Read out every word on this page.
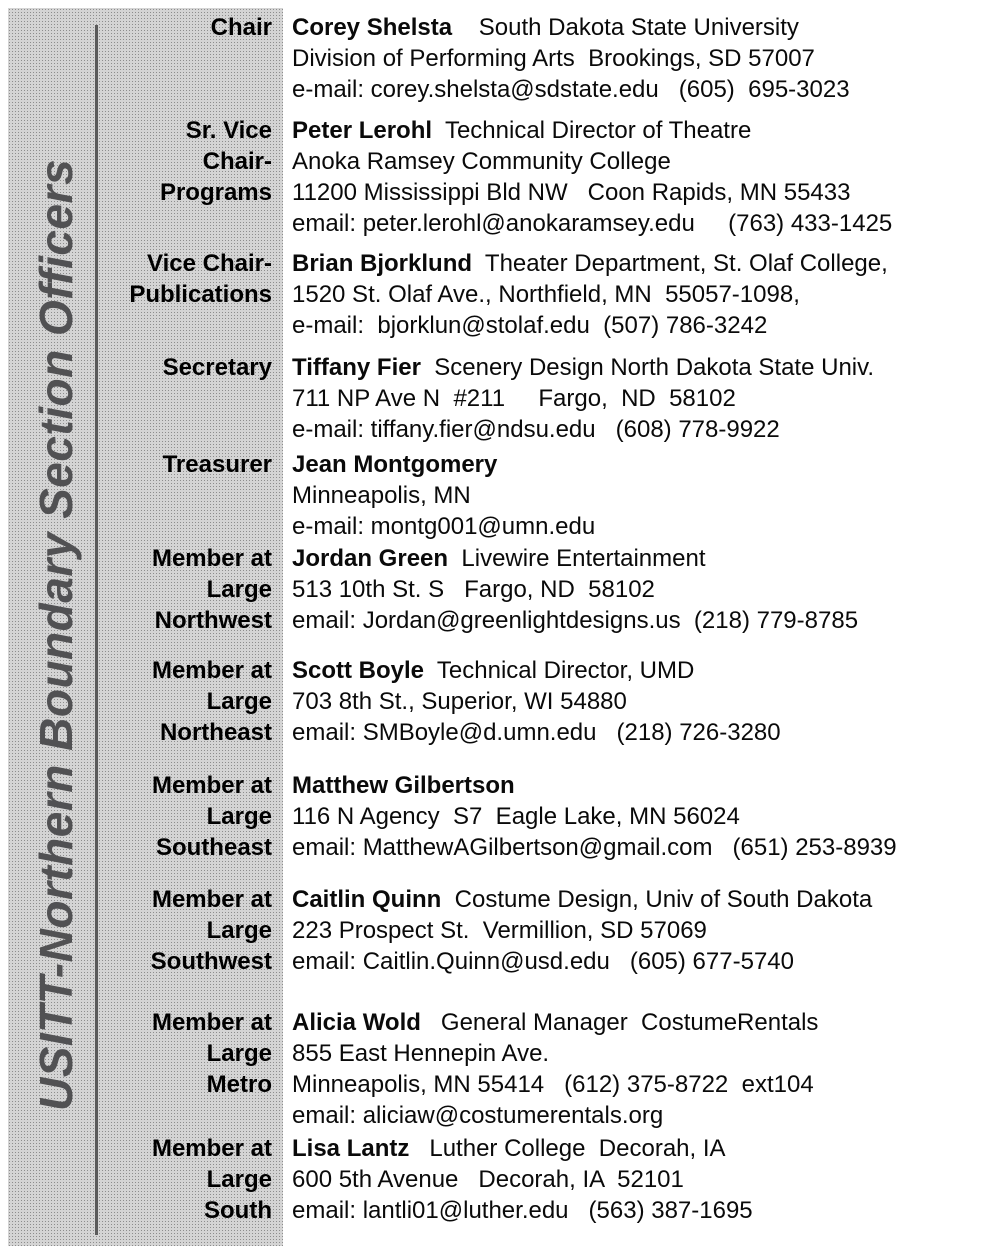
USITT-Northern Boundary Section Officers
Chair Corey Shelsta    South Dakota State University
Division of Performing Arts  Brookings, SD 57007
e-mail: corey.shelsta@sdstate.edu   (605)  695-3023
Sr. Vice
Chair-
Programs
Peter Lerohl  Technical Director of Theatre
Anoka Ramsey Community College
11200 Mississippi Bld NW   Coon Rapids, MN 55433
email: peter.lerohl@anokaramsey.edu     (763) 433-1425
Vice Chair-
Publications
Brian Bjorklund  Theater Department, St. Olaf College,
1520 St. Olaf Ave., Northfield, MN  55057-1098,
e-mail:  bjorklun@stolaf.edu  (507) 786-3242
Secretary Tiffany Fier  Scenery Design North Dakota State Univ.
711 NP Ave N  #211     Fargo,  ND  58102
e-mail: tiffany.fier@ndsu.edu   (608) 778-9922
Treasurer Jean Montgomery
Minneapolis, MN
e-mail: montg001@umn.edu
Member at
Large
Northwest
Jordan Green  Livewire Entertainment
513 10th St. S   Fargo, ND  58102
email: Jordan@greenlightdesigns.us  (218) 779-8785
Member at
Large
Northeast
Scott Boyle  Technical Director, UMD
703 8th St., Superior, WI 54880
email: SMBoyle@d.umn.edu   (218) 726-3280
Member at
Large
Southeast
Matthew Gilbertson
116 N Agency  S7  Eagle Lake, MN 56024
email: MatthewAGilbertson@gmail.com   (651) 253-8939
Member at
Large
Southwest
Caitlin Quinn  Costume Design, Univ of South Dakota
223 Prospect St.  Vermillion, SD 57069
email: Caitlin.Quinn@usd.edu   (605) 677-5740
Member at
Large
Metro
Alicia Wold   General Manager  CostumeRentals
855 East Hennepin Ave.
Minneapolis, MN 55414   (612) 375-8722  ext104
email: aliciaw@costumerentals.org
Member at
Large
South
Lisa Lantz   Luther College  Decorah, IA
600 5th Avenue   Decorah, IA  52101
email: lantli01@luther.edu   (563) 387-1695
